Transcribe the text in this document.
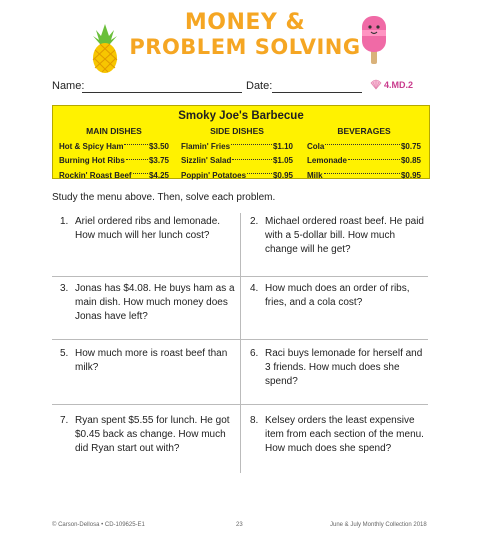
MONEY &
PROBLEM SOLVING
Name:	Date:	4.MD.2
Smoky Joe's Barbecue
MAIN DISHES
Hot & Spicy Ham	$3.50
Burning Hot Ribs	$3.75
Rockin' Roast Beef $4.25
SIDE DISHES
Flamin' Fries	$1.10
Sizzlin' Salad	$1.05
Poppin' Potatoes	$0.95
BEVERAGES
Cola	$0.75
Lemonade	$0.85
Milk	$0.95
Study the menu above. Then, solve each problem.
1. Ariel ordered ribs and lemonade. How much will her lunch cost?
2. Michael ordered roast beef. He paid with a 5-dollar bill. How much change will he get?
3. Jonas has $4.08. He buys ham as a main dish. How much money does Jonas have left?
4. How much does an order of ribs, fries, and a cola cost?
5. How much more is roast beef than milk?
6. Raci buys lemonade for herself and 3 friends. How much does she spend?
7. Ryan spent $5.55 for lunch. He got $0.45 back as change. How much did Ryan start out with?
8. Kelsey orders the least expensive item from each section of the menu. How much does she spend?
© Carson-Dellosa • CD-109625-E1	23	June & July Monthly Collection 2018
